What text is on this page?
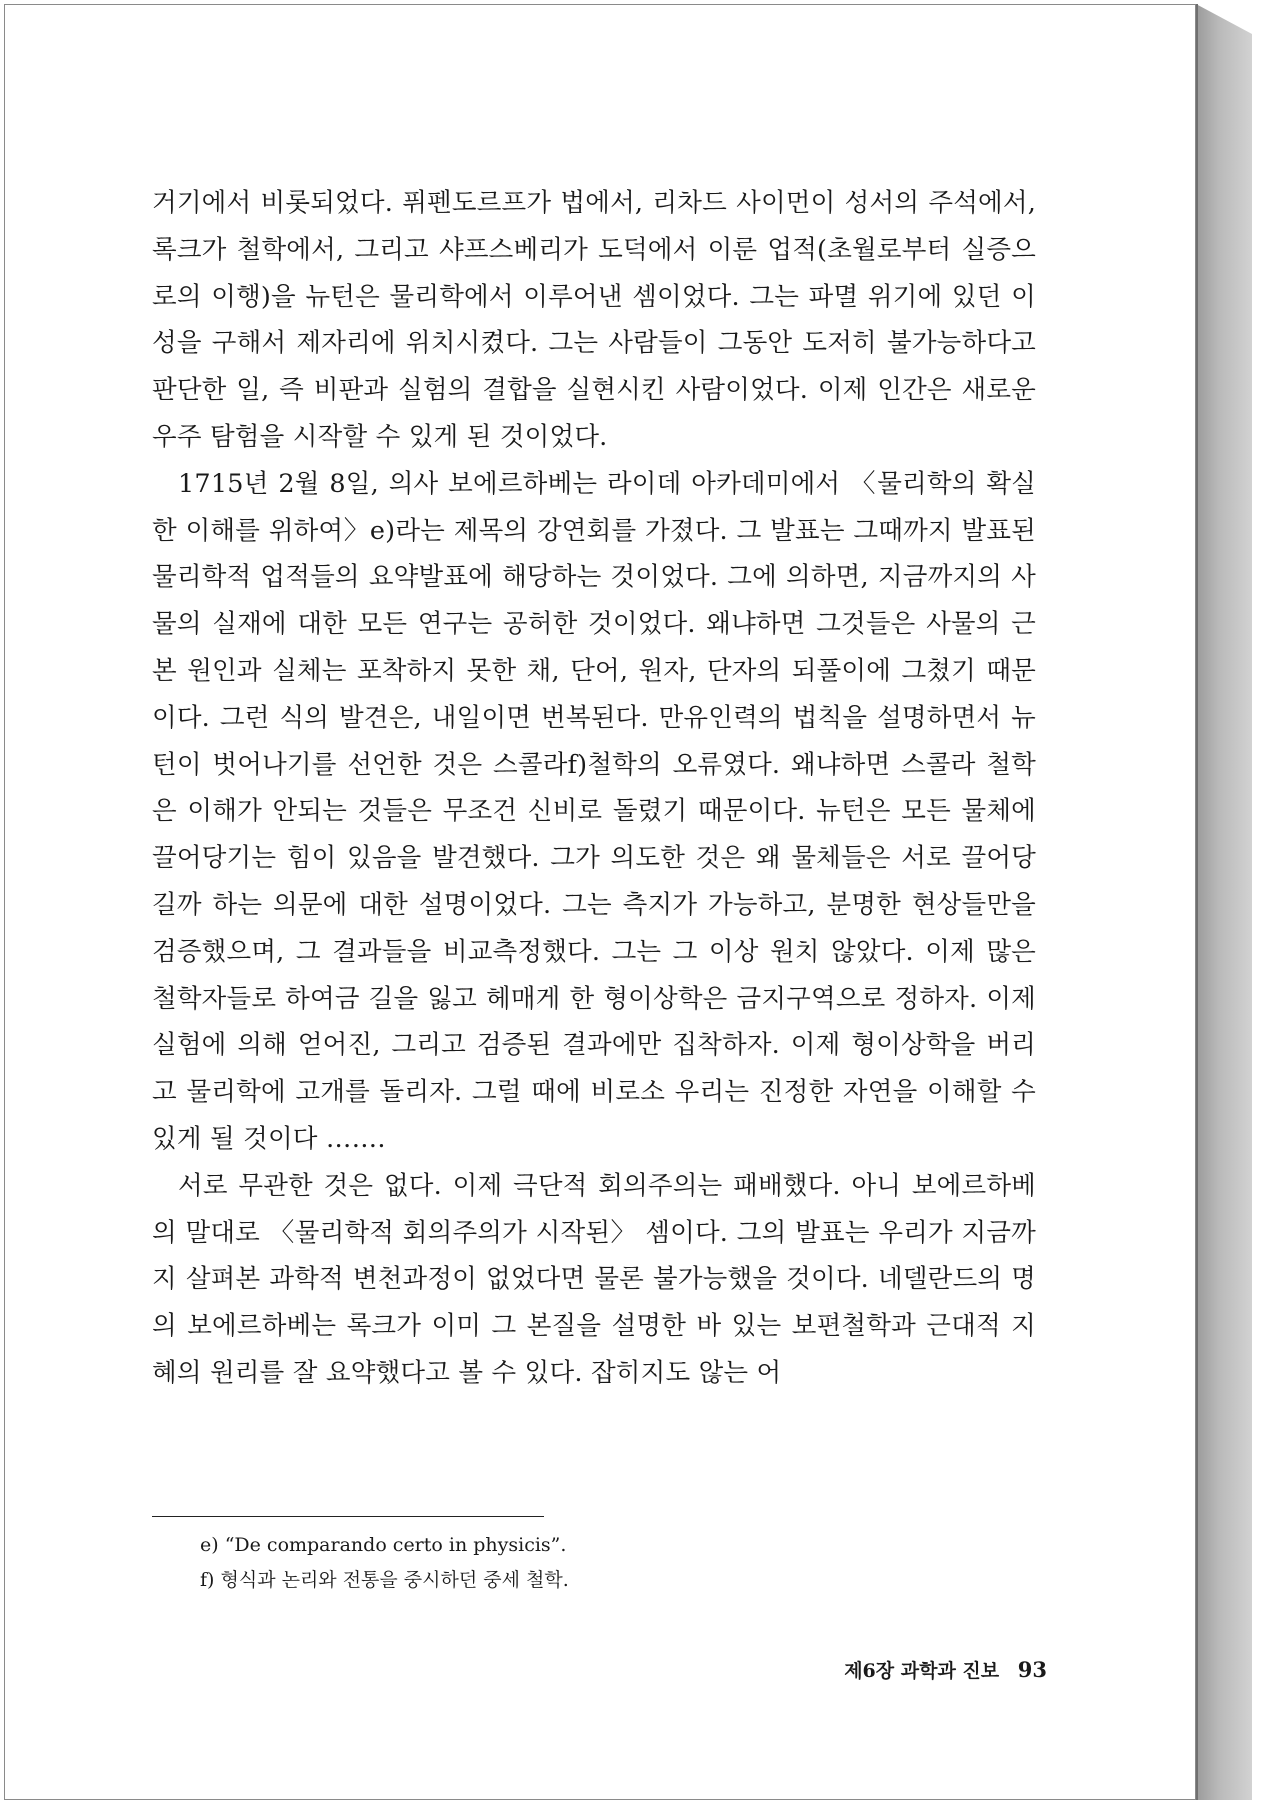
거기에서 비롯되었다. 퓌펜도르프가 법에서, 리차드 사이먼이 성서의 주석에서, 록크가 철학에서, 그리고 샤프스베리가 도덕에서 이룬 업적(초월로부터 실증으로의 이행)을 뉴턴은 물리학에서 이루어낸 셈이었다. 그는 파멸 위기에 있던 이성을 구해서 제자리에 위치시켰다. 그는 사람들이 그동안 도저히 불가능하다고 판단한 일, 즉 비판과 실험의 결합을 실현시킨 사람이었다. 이제 인간은 새로운 우주 탐험을 시작할 수 있게 된 것이었다.

1715년 2월 8일, 의사 보에르하베는 라이데 아카데미에서 〈물리학의 확실한 이해를 위하여〉e)라는 제목의 강연회를 가졌다. 그 발표는 그때까지 발표된 물리학적 업적들의 요약발표에 해당하는 것이었다. 그에 의하면, 지금까지의 사물의 실재에 대한 모든 연구는 공허한 것이었다. 왜냐하면 그것들은 사물의 근본 원인과 실체는 포착하지 못한 채, 단어, 원자, 단자의 되풀이에 그쳤기 때문이다. 그런 식의 발견은, 내일이면 번복된다. 만유인력의 법칙을 설명하면서 뉴턴이 벗어나기를 선언한 것은 스콜라f)철학의 오류였다. 왜냐하면 스콜라 철학은 이해가 안되는 것들은 무조건 신비로 돌렸기 때문이다. 뉴턴은 모든 물체에 끌어당기는 힘이 있음을 발견했다. 그가 의도한 것은 왜 물체들은 서로 끌어당길까 하는 의문에 대한 설명이었다. 그는 측지가 가능하고, 분명한 현상들만을 검증했으며, 그 결과들을 비교측정했다. 그는 그 이상 원치 않았다. 이제 많은 철학자들로 하여금 길을 잃고 헤매게 한 형이상학은 금지구역으로 정하자. 이제 실험에 의해 얻어진, 그리고 검증된 결과에만 집착하자. 이제 형이상학을 버리고 물리학에 고개를 돌리자. 그럴 때에 비로소 우리는 진정한 자연을 이해할 수 있게 될 것이다 …….

서로 무관한 것은 없다. 이제 극단적 회의주의는 패배했다. 아니 보에르하베의 말대로 〈물리학적 회의주의가 시작된〉 셈이다. 그의 발표는 우리가 지금까지 살펴본 과학적 변천과정이 없었다면 물론 불가능했을 것이다. 네델란드의 명의 보에르하베는 록크가 이미 그 본질을 설명한 바 있는 보편철학과 근대적 지혜의 원리를 잘 요약했다고 볼 수 있다. 잡히지도 않는 어

e) “De comparando certo in physicis”.
f) 형식과 논리와 전통을 중시하던 중세 철학.
제6장 과학과 진보 93
